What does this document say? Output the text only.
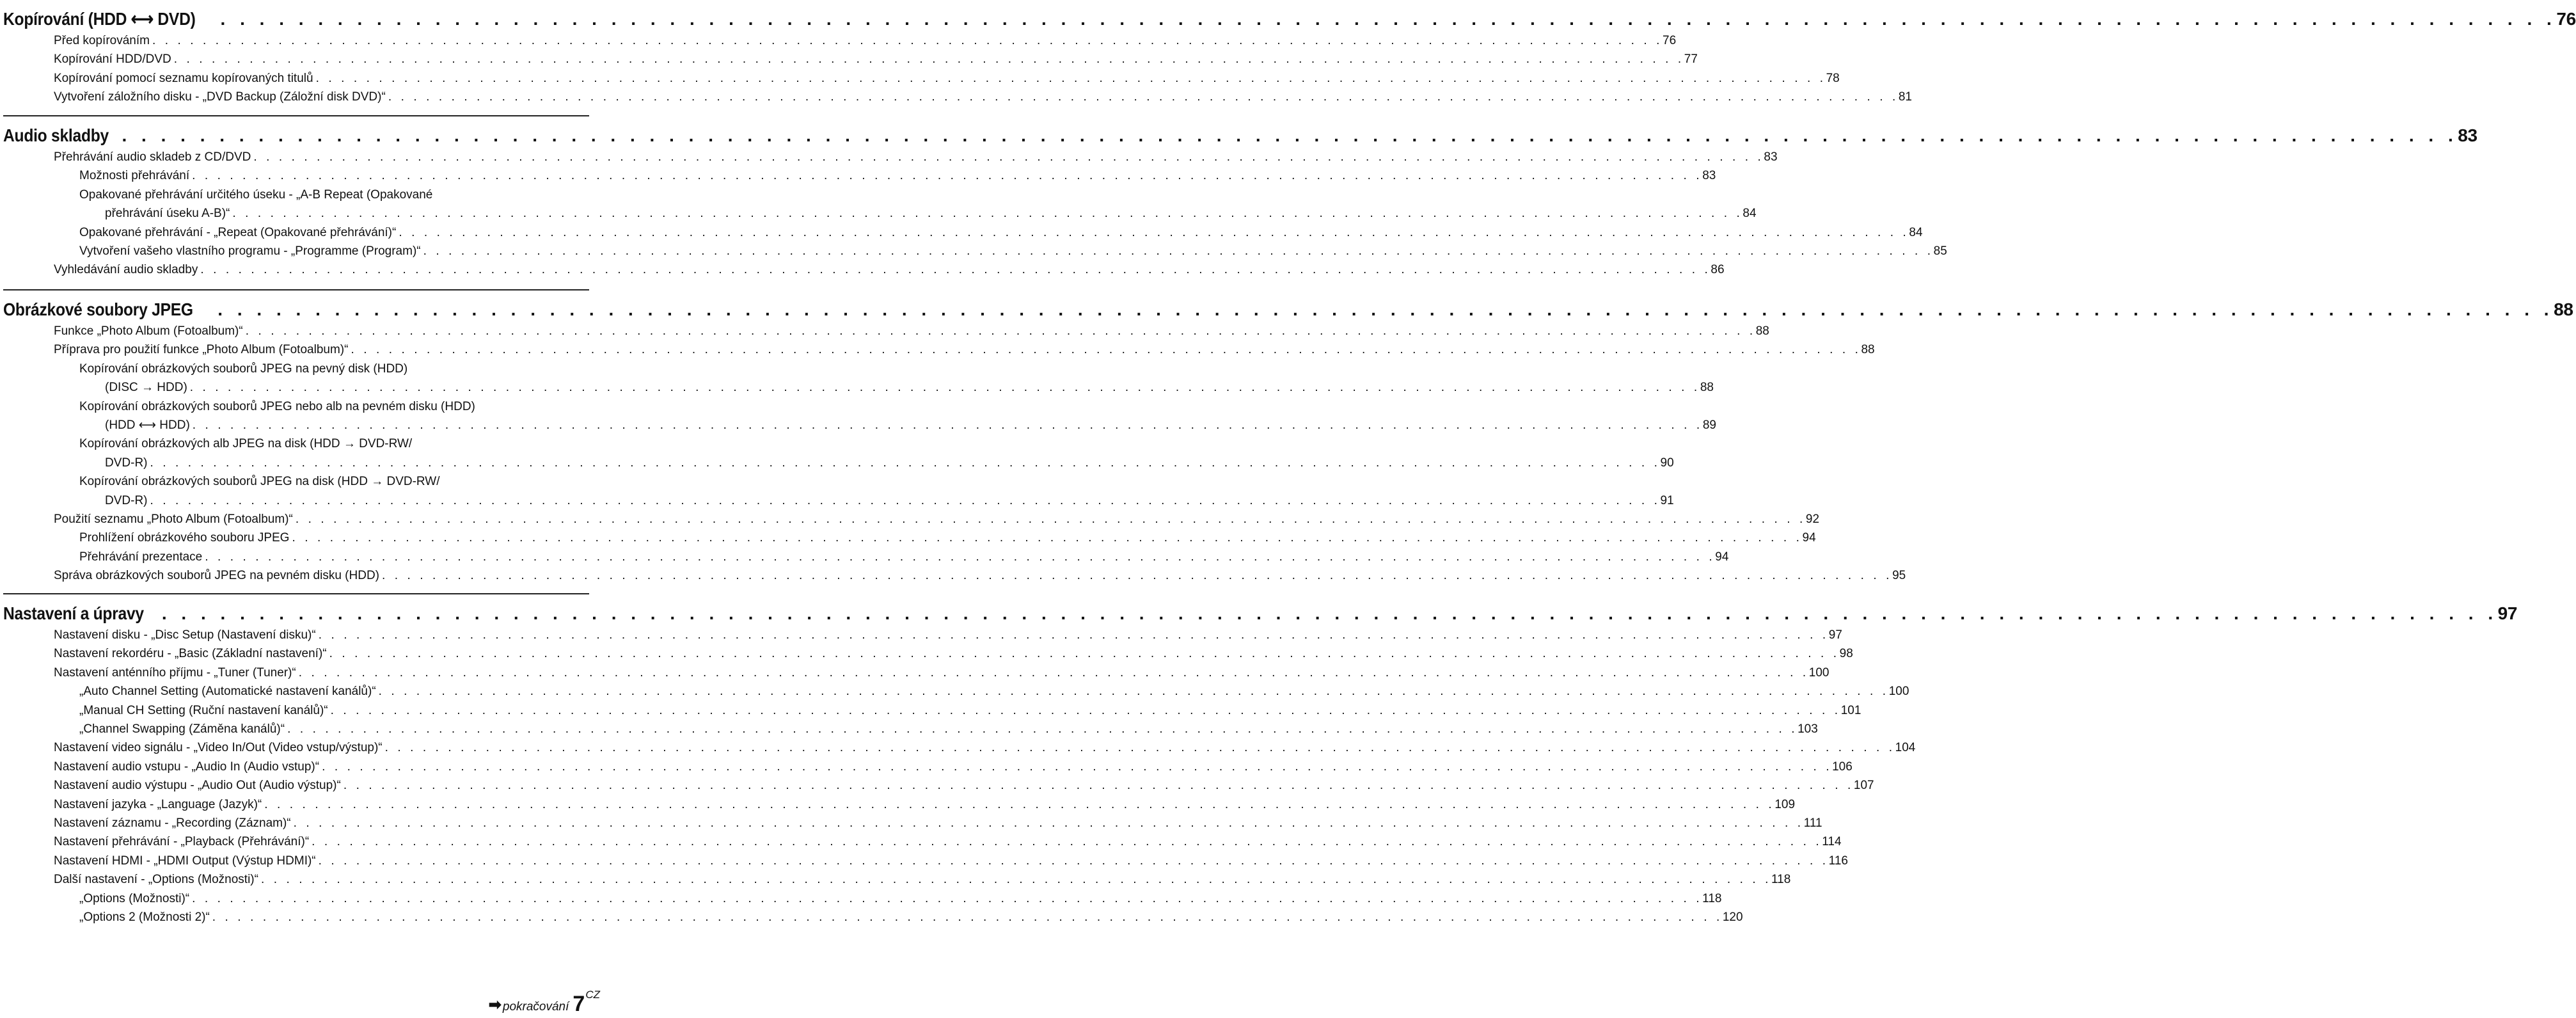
Kopírování (HDD ⟷ DVD) . . . . . . . . . . . . . . . . . . . . . . . . . . . . . . . . . . . . . . . . . . . . . . . . . . . . . . . . . . . . . . . . . . . . . . . . . . . . . . . . . . . . . . . . . . . . . . . . . . . . . . . . . . . . . . . . . . . . . . . . 76
Před kopírováním . . . . . . . . . . . . . . . . . . . . . . . . . . . . . . . . . . . . . . . . . . . . . . . . . . . . . . . . . . . . . . . . . . . . . . . . . . . . . . . . . . . . . . . . . . . . . . . . . . . . . . . . . . . . . . . . . . . . . . . . 76
Kopírování HDD/DVD . . . . . . . . . . . . . . . . . . . . . . . . . . . . . . . . . . . . . . . . . . . . . . . . . . . . . . . . . . . . . . . . . . . . . . . . . . . . . . . . . . . . . . . . . . . . . . . . . . . . . . . . . . . . . . . . . . . . . . . . 77
Kopírování pomocí seznamu kopírovaných titulů . . . . . . . . . . . . . . . . . . . . . . . . . . . . . . . . . . . . . . . . . . . . . . . . . . . . . . . . . . . . . . . . . . . . . . . . . . . . . . . . . . . . . . . . . . . . . . . . . . . . . . . . . . . . . . . . . . . . . . . . 78
Vytvoření záložního disku - „DVD Backup (Záložní disk DVD)“ . . . . . . . . . . . . . . . . . . . . . . . . . . . . . . . . . . . . . . . . . . . . . . . . . . . . . . . . . . . . . . . . . . . . . . . . . . . . . . . . . . . . . . . . . . . . . . . . . . . . . . . . . . . . . . . . . . . . . . . . 81
Audio skladby . . . . . . . . . . . . . . . . . . . . . . . . . . . . . . . . . . . . . . . . . . . . . . . . . . . . . . . . . . . . . . . . . . . . . . . . . . . . . . . . . . . . . . . . . . . . . . . . . . . . . . . . . . . . . . . . . . . . . . . . 83
Přehrávání audio skladeb z CD/DVD . . . . . . . . . . . . . . . . . . . . . . . . . . . . . . . . . . . . . . . . . . . . . . . . . . . . . . . . . . . . . . . . . . . . . . . . . . . . . . . . . . . . . . . . . . . . . . . . . . . . . . . . . . . . . . . . . . . . . . . . 83
Možnosti přehrávání . . . . . . . . . . . . . . . . . . . . . . . . . . . . . . . . . . . . . . . . . . . . . . . . . . . . . . . . . . . . . . . . . . . . . . . . . . . . . . . . . . . . . . . . . . . . . . . . . . . . . . . . . . . . . . . . . . . . . . . . 83
Opakované přehrávání určitého úseku - „A-B Repeat (Opakované
přehrávání úseku A-B)“ . . . . . . . . . . . . . . . . . . . . . . . . . . . . . . . . . . . . . . . . . . . . . . . . . . . . . . . . . . . . . . . . . . . . . . . . . . . . . . . . . . . . . . . . . . . . . . . . . . . . . . . . . . . . . . . . . . . . . . . . 84
Opakované přehrávání - „Repeat (Opakované přehrávání)“ . . . . . . . . . . . . . . . . . . . . . . . . . . . . . . . . . . . . . . . . . . . . . . . . . . . . . . . . . . . . . . . . . . . . . . . . . . . . . . . . . . . . . . . . . . . . . . . . . . . . . . . . . . . . . . . . . . . . . . . . 84
Vytvoření vašeho vlastního programu - „Programme (Program)“ . . . . . . . . . . . . . . . . . . . . . . . . . . . . . . . . . . . . . . . . . . . . . . . . . . . . . . . . . . . . . . . . . . . . . . . . . . . . . . . . . . . . . . . . . . . . . . . . . . . . . . . . . . . . . . . . . . . . . . . . 85
Vyhledávání audio skladby . . . . . . . . . . . . . . . . . . . . . . . . . . . . . . . . . . . . . . . . . . . . . . . . . . . . . . . . . . . . . . . . . . . . . . . . . . . . . . . . . . . . . . . . . . . . . . . . . . . . . . . . . . . . . . . . . . . . . . . . 86
Obrázkové soubory JPEG . . . . . . . . . . . . . . . . . . . . . . . . . . . . . . . . . . . . . . . . . . . . . . . . . . . . . . . . . . . . . . . . . . . . . . . . . . . . . . . . . . . . . . . . . . . . . . . . . . . . . . . . . . . . . . . . . . . . . . . . 88
Funkce „Photo Album (Fotoalbum)“ . . . . . . . . . . . . . . . . . . . . . . . . . . . . . . . . . . . . . . . . . . . . . . . . . . . . . . . . . . . . . . . . . . . . . . . . . . . . . . . . . . . . . . . . . . . . . . . . . . . . . . . . . . . . . . . . . . . . . . . . 88
Příprava pro použití funkce „Photo Album (Fotoalbum)“ . . . . . . . . . . . . . . . . . . . . . . . . . . . . . . . . . . . . . . . . . . . . . . . . . . . . . . . . . . . . . . . . . . . . . . . . . . . . . . . . . . . . . . . . . . . . . . . . . . . . . . . . . . . . . . . . . . . . . . . . 88
Kopírování obrázkových souborů JPEG na pevný disk (HDD)
(DISC → HDD) . . . . . . . . . . . . . . . . . . . . . . . . . . . . . . . . . . . . . . . . . . . . . . . . . . . . . . . . . . . . . . . . . . . . . . . . . . . . . . . . . . . . . . . . . . . . . . . . . . . . . . . . . . . . . . . . . . . . . . . . 88
Kopírování obrázkových souborů JPEG nebo alb na pevném disku (HDD)
(HDD ⟷ HDD) . . . . . . . . . . . . . . . . . . . . . . . . . . . . . . . . . . . . . . . . . . . . . . . . . . . . . . . . . . . . . . . . . . . . . . . . . . . . . . . . . . . . . . . . . . . . . . . . . . . . . . . . . . . . . . . . . . . . . . . . 89
Kopírování obrázkových alb JPEG na disk (HDD → DVD-RW/
DVD-R) . . . . . . . . . . . . . . . . . . . . . . . . . . . . . . . . . . . . . . . . . . . . . . . . . . . . . . . . . . . . . . . . . . . . . . . . . . . . . . . . . . . . . . . . . . . . . . . . . . . . . . . . . . . . . . . . . . . . . . . . 90
Kopírování obrázkových souborů JPEG na disk (HDD → DVD-RW/
DVD-R) . . . . . . . . . . . . . . . . . . . . . . . . . . . . . . . . . . . . . . . . . . . . . . . . . . . . . . . . . . . . . . . . . . . . . . . . . . . . . . . . . . . . . . . . . . . . . . . . . . . . . . . . . . . . . . . . . . . . . . . . 91
Použití seznamu „Photo Album (Fotoalbum)“ . . . . . . . . . . . . . . . . . . . . . . . . . . . . . . . . . . . . . . . . . . . . . . . . . . . . . . . . . . . . . . . . . . . . . . . . . . . . . . . . . . . . . . . . . . . . . . . . . . . . . . . . . . . . . . . . . . . . . . . . 92
Prohlížení obrázkového souboru JPEG . . . . . . . . . . . . . . . . . . . . . . . . . . . . . . . . . . . . . . . . . . . . . . . . . . . . . . . . . . . . . . . . . . . . . . . . . . . . . . . . . . . . . . . . . . . . . . . . . . . . . . . . . . . . . . . . . . . . . . . . 94
Přehrávání prezentace . . . . . . . . . . . . . . . . . . . . . . . . . . . . . . . . . . . . . . . . . . . . . . . . . . . . . . . . . . . . . . . . . . . . . . . . . . . . . . . . . . . . . . . . . . . . . . . . . . . . . . . . . . . . . . . . . . . . . . . . 94
Správa obrázkových souborů JPEG na pevném disku (HDD) . . . . . . . . . . . . . . . . . . . . . . . . . . . . . . . . . . . . . . . . . . . . . . . . . . . . . . . . . . . . . . . . . . . . . . . . . . . . . . . . . . . . . . . . . . . . . . . . . . . . . . . . . . . . . . . . . . . . . . . . 95
Nastavení a úpravy . . . . . . . . . . . . . . . . . . . . . . . . . . . . . . . . . . . . . . . . . . . . . . . . . . . . . . . . . . . . . . . . . . . . . . . . . . . . . . . . . . . . . . . . . . . . . . . . . . . . . . . . . . . . . . . . . . . . . . . . 97
Nastavení disku - „Disc Setup (Nastavení disku)“ . . . . . . . . . . . . . . . . . . . . . . . . . . . . . . . . . . . . . . . . . . . . . . . . . . . . . . . . . . . . . . . . . . . . . . . . . . . . . . . . . . . . . . . . . . . . . . . . . . . . . . . . . . . . . . . . . . . . . . . . 97
Nastavení rekordéru - „Basic (Základní nastavení)“ . . . . . . . . . . . . . . . . . . . . . . . . . . . . . . . . . . . . . . . . . . . . . . . . . . . . . . . . . . . . . . . . . . . . . . . . . . . . . . . . . . . . . . . . . . . . . . . . . . . . . . . . . . . . . . . . . . . . . . . . 98
Nastavení anténního příjmu - „Tuner (Tuner)“ . . . . . . . . . . . . . . . . . . . . . . . . . . . . . . . . . . . . . . . . . . . . . . . . . . . . . . . . . . . . . . . . . . . . . . . . . . . . . . . . . . . . . . . . . . . . . . . . . . . . . . . . . . . . . . . . . . . . . . . . 100
„Auto Channel Setting (Automatické nastavení kanálů)“ . . . . . . . . . . . . . . . . . . . . . . . . . . . . . . . . . . . . . . . . . . . . . . . . . . . . . . . . . . . . . . . . . . . . . . . . . . . . . . . . . . . . . . . . . . . . . . . . . . . . . . . . . . . . . . . . . . . . . . . . 100
„Manual CH Setting (Ruční nastavení kanálů)“ . . . . . . . . . . . . . . . . . . . . . . . . . . . . . . . . . . . . . . . . . . . . . . . . . . . . . . . . . . . . . . . . . . . . . . . . . . . . . . . . . . . . . . . . . . . . . . . . . . . . . . . . . . . . . . . . . . . . . . . . 101
„Channel Swapping (Záměna kanálů)“ . . . . . . . . . . . . . . . . . . . . . . . . . . . . . . . . . . . . . . . . . . . . . . . . . . . . . . . . . . . . . . . . . . . . . . . . . . . . . . . . . . . . . . . . . . . . . . . . . . . . . . . . . . . . . . . . . . . . . . . . 103
Nastavení video signálu - „Video In/Out (Video vstup/výstup)“ . . . . . . . . . . . . . . . . . . . . . . . . . . . . . . . . . . . . . . . . . . . . . . . . . . . . . . . . . . . . . . . . . . . . . . . . . . . . . . . . . . . . . . . . . . . . . . . . . . . . . . . . . . . . . . . . . . . . . . . . 104
Nastavení audio vstupu - „Audio In (Audio vstup)“ . . . . . . . . . . . . . . . . . . . . . . . . . . . . . . . . . . . . . . . . . . . . . . . . . . . . . . . . . . . . . . . . . . . . . . . . . . . . . . . . . . . . . . . . . . . . . . . . . . . . . . . . . . . . . . . . . . . . . . . . 106
Nastavení audio výstupu - „Audio Out (Audio výstup)“ . . . . . . . . . . . . . . . . . . . . . . . . . . . . . . . . . . . . . . . . . . . . . . . . . . . . . . . . . . . . . . . . . . . . . . . . . . . . . . . . . . . . . . . . . . . . . . . . . . . . . . . . . . . . . . . . . . . . . . . . 107
Nastavení jazyka - „Language (Jazyk)“ . . . . . . . . . . . . . . . . . . . . . . . . . . . . . . . . . . . . . . . . . . . . . . . . . . . . . . . . . . . . . . . . . . . . . . . . . . . . . . . . . . . . . . . . . . . . . . . . . . . . . . . . . . . . . . . . . . . . . . . . 109
Nastavení záznamu - „Recording (Záznam)“ . . . . . . . . . . . . . . . . . . . . . . . . . . . . . . . . . . . . . . . . . . . . . . . . . . . . . . . . . . . . . . . . . . . . . . . . . . . . . . . . . . . . . . . . . . . . . . . . . . . . . . . . . . . . . . . . . . . . . . . . 111
Nastavení přehrávání - „Playback (Přehrávání)“ . . . . . . . . . . . . . . . . . . . . . . . . . . . . . . . . . . . . . . . . . . . . . . . . . . . . . . . . . . . . . . . . . . . . . . . . . . . . . . . . . . . . . . . . . . . . . . . . . . . . . . . . . . . . . . . . . . . . . . . . 114
Nastavení HDMI - „HDMI Output (Výstup HDMI)“ . . . . . . . . . . . . . . . . . . . . . . . . . . . . . . . . . . . . . . . . . . . . . . . . . . . . . . . . . . . . . . . . . . . . . . . . . . . . . . . . . . . . . . . . . . . . . . . . . . . . . . . . . . . . . . . . . . . . . . . . 116
Další nastavení - „Options (Možnosti)“ . . . . . . . . . . . . . . . . . . . . . . . . . . . . . . . . . . . . . . . . . . . . . . . . . . . . . . . . . . . . . . . . . . . . . . . . . . . . . . . . . . . . . . . . . . . . . . . . . . . . . . . . . . . . . . . . . . . . . . . . 118
„Options (Možnosti)“ . . . . . . . . . . . . . . . . . . . . . . . . . . . . . . . . . . . . . . . . . . . . . . . . . . . . . . . . . . . . . . . . . . . . . . . . . . . . . . . . . . . . . . . . . . . . . . . . . . . . . . . . . . . . . . . . . . . . . . . . 118
„Options 2 (Možnosti 2)“ . . . . . . . . . . . . . . . . . . . . . . . . . . . . . . . . . . . . . . . . . . . . . . . . . . . . . . . . . . . . . . . . . . . . . . . . . . . . . . . . . . . . . . . . . . . . . . . . . . . . . . . . . . . . . . . . . . . . . . . . 120
➡ pokračování 7 CZ
